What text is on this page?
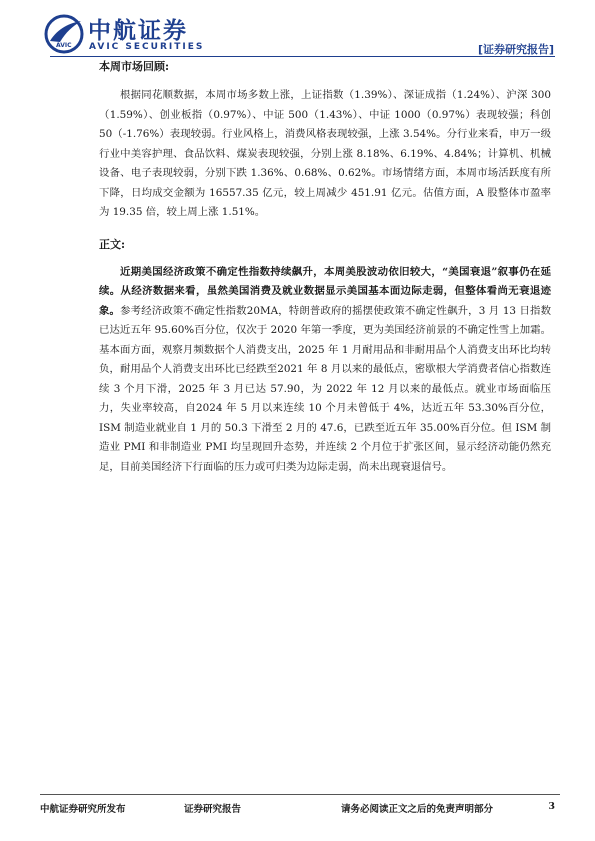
AVIC
中航证券
AVIC SECURITIES	[证券研究报告]

本周市场回顾:

根据同花顺数据，本周市场多数上涨，上证指数（1.39%）、深证成指（1.24%）、沪深 300（1.59%）、创业板指（0.97%）、中证 500（1.43%）、中证 1000（0.97%）表现较强；科创 50（-1.76%）表现较弱。行业风格上，消费风格表现较强，上涨 3.54%。分行业来看，申万一级行业中美容护理、食品饮料、煤炭表现较强，分别上涨 8.18%、6.19%、4.84%；计算机、机械设备、电子表现较弱，分别下跌 1.36%、0.68%、0.62%。市场情绪方面，本周市场活跃度有所下降，日均成交金额为 16557.35 亿元，较上周减少 451.91 亿元。估值方面，A 股整体市盈率为 19.35 倍，较上周上涨 1.51%。

正文:

近期美国经济政策不确定性指数持续飙升，本周美股波动依旧较大，“美国衰退”叙事仍在延续。从经济数据来看，虽然美国消费及就业数据显示美国基本面边际走弱，但整体看尚无衰退迹象。参考经济政策不确定性指数20MA，特朗普政府的摇摆使政策不确定性飙升，3 月 13 日指数已达近五年 95.60%百分位，仅次于 2020 年第一季度，更为美国经济前景的不确定性雪上加霜。基本面方面，观察月频数据个人消费支出，2025 年 1 月耐用品和非耐用品个人消费支出环比均转负，耐用品个人消费支出环比已经跌至2021 年 8 月以来的最低点，密歇根大学消费者信心指数连续 3 个月下滑，2025 年 3 月已达 57.90，为 2022 年 12 月以来的最低点。就业市场面临压力，失业率较高，自2024 年 5 月以来连续 10 个月未曾低于 4%，达近五年 53.30%百分位，ISM 制造业就业自 1 月的 50.3 下滑至 2 月的 47.6，已跌至近五年 35.00%百分位。但 ISM 制造业 PMI 和非制造业 PMI 均呈现回升态势，并连续 2 个月位于扩张区间，显示经济动能仍然充足，目前美国经济下行面临的压力或可归类为边际走弱，尚未出现衰退信号。

中航证券研究所发布	证券研究报告	请务必阅读正文之后的免责声明部分	3
